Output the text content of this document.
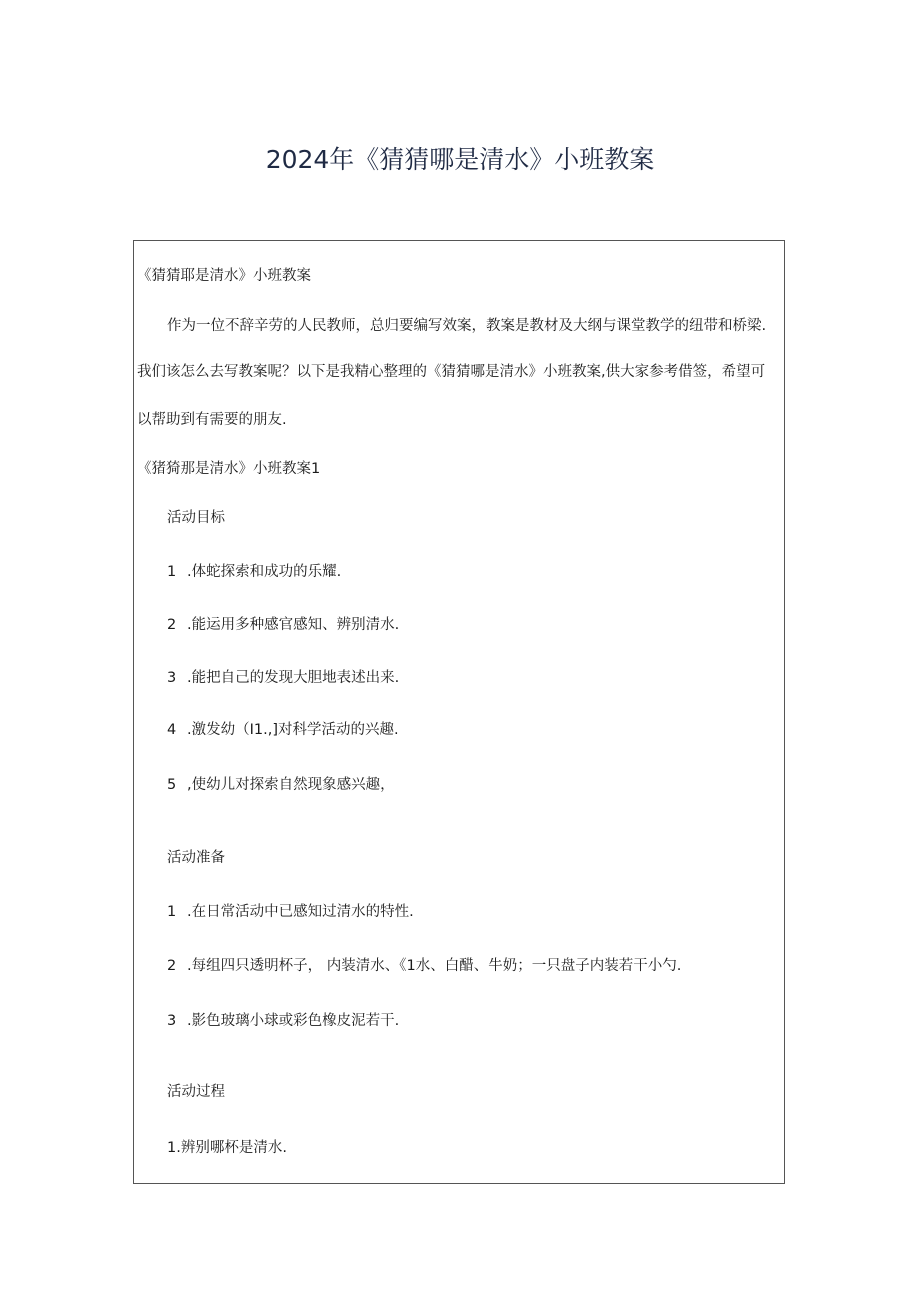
2024年《猜猜哪是清水》小班教案
《猜猜耶是清水》小班教案
作为一位不辞辛劳的人民教师，总归要编写效案，教案是教材及大纲与课堂教学的纽带和桥梁.
我们该怎么去写教案呢？以下是我精心整理的《猜猜哪是清水》小班教案,供大家参考借签，希望可
以帮助到有需要的朋友.
《猪猗那是清水》小班教案1
活动目标
1 .体蛇探索和成功的乐耀.
2 .能运用多种感官感知、辨别清水.
3 .能把自己的发现大胆地表述出来.
4 .激发幼（I1.,]对科学活动的兴趣.
5 ,使幼儿对探索自然现象感兴趣，
活动准备
1 .在日常活动中已感知过清水的特性.
2 .每组四只透明杯子， 内装清水、《1水、白醋、牛奶；一只盘子内装若干小勺.
3 .影色玻璃小球或彩色橡皮泥若干.
活动过程
1.辨别哪杯是清水.
